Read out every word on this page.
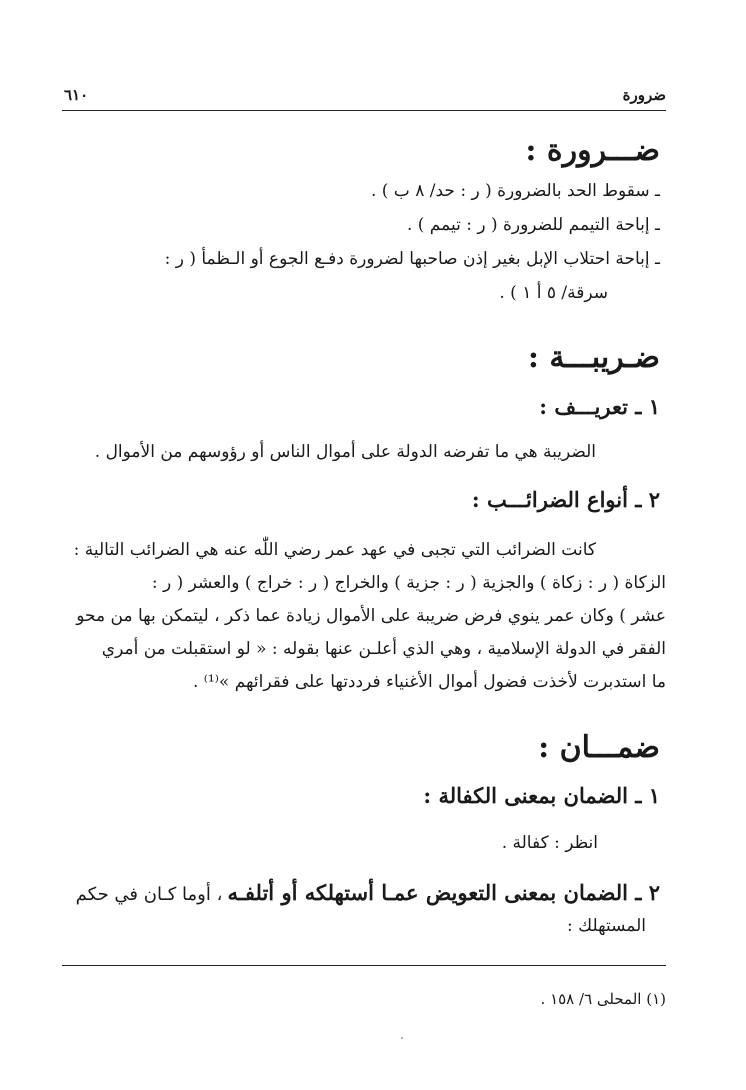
ضرورة
٦١٠
ضـــرورة :
ـ سقوط الحد بالضرورة ( ر : حد/ ٨ ب ) .
ـ إباحة التيمم للضرورة ( ر : تيمم ) .
ـ إباحة احتلاب الإبل بغير إذن صاحبها لضرورة دفـع الجوع أو الـظمأ ( ر :
سرقة/ ٥ أ ١ ) .
ضـريبـــة :
١ ـ تعريـــف :
الضريبة هي ما تفرضه الدولة على أموال الناس أو رؤوسهم من الأموال .
٢ ـ أنواع الضرائـــب :
كانت الضرائب التي تجبى في عهد عمر رضي اللّٰه عنه هي الضرائب التالية :
الزكاة ( ر : زكاة ) والجزية ( ر : جزية ) والخراج ( ر : خراج ) والعشر ( ر :
عشر ) وكان عمر ينوي فرض ضريبة على الأموال زيادة عما ذكر ، ليتمكن بها من محو
الفقر في الدولة الإسلامية ، وهي الذي أعلـن عنها بقوله : « لو استقبلت من أمري
ما استدبرت لأخذت فضول أموال الأغنياء فرددتها على فقرائهم »⁽¹⁾ .
ضمـــان :
١ ـ الضمان بمعنى الكفالة :
انظر : كفالة .
٢ ـ الضمان بمعنى التعويض عمـا أستهلكه أو أتلفـه ، أوما كـان في حكم
المستهلك :
(١) المحلى ٦/ ١٥٨ .
